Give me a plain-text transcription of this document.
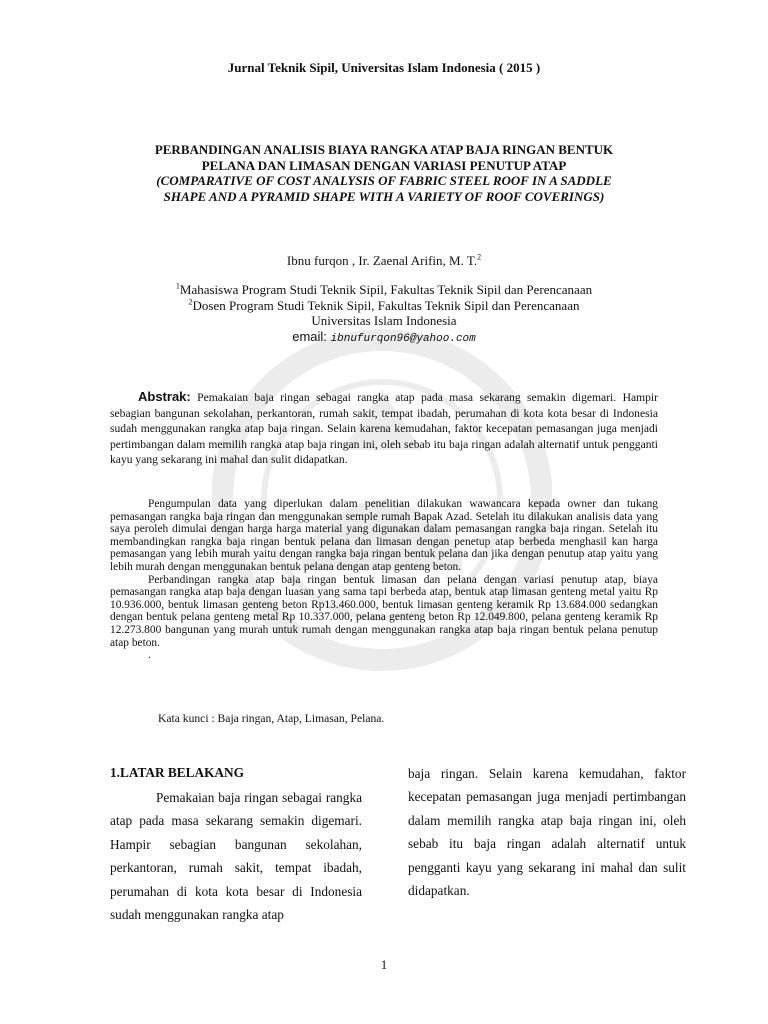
Jurnal Teknik Sipil, Universitas Islam Indonesia ( 2015 )
PERBANDINGAN ANALISIS BIAYA RANGKA ATAP BAJA RINGAN BENTUK
PELANA DAN LIMASAN DENGAN VARIASI PENUTUP ATAP
(COMPARATIVE OF COST ANALYSIS OF FABRIC STEEL ROOF IN A SADDLE
SHAPE AND A PYRAMID SHAPE WITH A VARIETY OF ROOF COVERINGS)
Ibnu furqon , Ir. Zaenal Arifin, M. T.$^2$
$^1$Mahasiswa Program Studi Teknik Sipil, Fakultas Teknik Sipil dan Perencanaan
$^2$Dosen Program Studi Teknik Sipil, Fakultas Teknik Sipil dan Perencanaan
Universitas Islam Indonesia
email: ibnufurqon96@yahoo.com

Abstrak: Pemakaian baja ringan sebagai rangka atap pada masa sekarang semakin digemari. Hampir sebagian bangunan sekolahan, perkantoran, rumah sakit, tempat ibadah, perumahan di kota kota besar di Indonesia sudah menggunakan rangka atap baja ringan. Selain karena kemudahan, faktor kecepatan pemasangan juga menjadi pertimbangan dalam memilih rangka atap baja ringan ini, oleh sebab itu baja ringan adalah alternatif untuk pengganti kayu yang sekarang ini mahal dan sulit didapatkan.

Pengumpulan data yang diperlukan dalam penelitian dilakukan wawancara kepada owner dan tukang pemasangan rangka baja ringan dan menggunakan semple rumah Bapak Azad. Setelah itu dilakukan analisis data yang saya peroleh dimulai dengan harga harga material yang digunakan dalam pemasangan rangka baja ringan. Setelah itu membandingkan rangka baja ringan bentuk pelana dan limasan dengan penetup atap berbeda menghasil kan harga pemasangan yang lebih murah yaitu dengan rangka baja ringan bentuk pelana dan jika dengan penutup atap yaitu yang lebih murah dengan menggunakan bentuk pelana dengan atap genteng beton.

Perbandingan rangka atap baja ringan bentuk limasan dan pelana dengan variasi penutup atap, biaya pemasangan rangka atap baja dengan luasan yang sama tapi berbeda atap, bentuk atap limasan genteng metal yaitu Rp 10.936.000, bentuk limasan genteng beton Rp13.460.000, bentuk limasan genteng keramik Rp 13.684.000 sedangkan dengan bentuk pelana genteng metal Rp 10.337.000, pelana genteng beton Rp 12.049.800, pelana genteng keramik Rp 12.273.800 bangunan yang murah untuk rumah dengan menggunakan rangka atap baja ringan bentuk pelana penutup atap beton.

.

Kata kunci : Baja ringan, Atap, Limasan, Pelana.
1.LATAR BELAKANG

Pemakaian baja ringan sebagai rangka atap pada masa sekarang semakin digemari. Hampir sebagian bangunan sekolahan, perkantoran, rumah sakit, tempat ibadah, perumahan di kota kota besar di Indonesia sudah menggunakan rangka atap

baja ringan. Selain karena kemudahan, faktor kecepatan pemasangan juga menjadi pertimbangan dalam memilih rangka atap baja ringan ini, oleh sebab itu baja ringan adalah alternatif untuk pengganti kayu yang sekarang ini mahal dan sulit didapatkan.

1
